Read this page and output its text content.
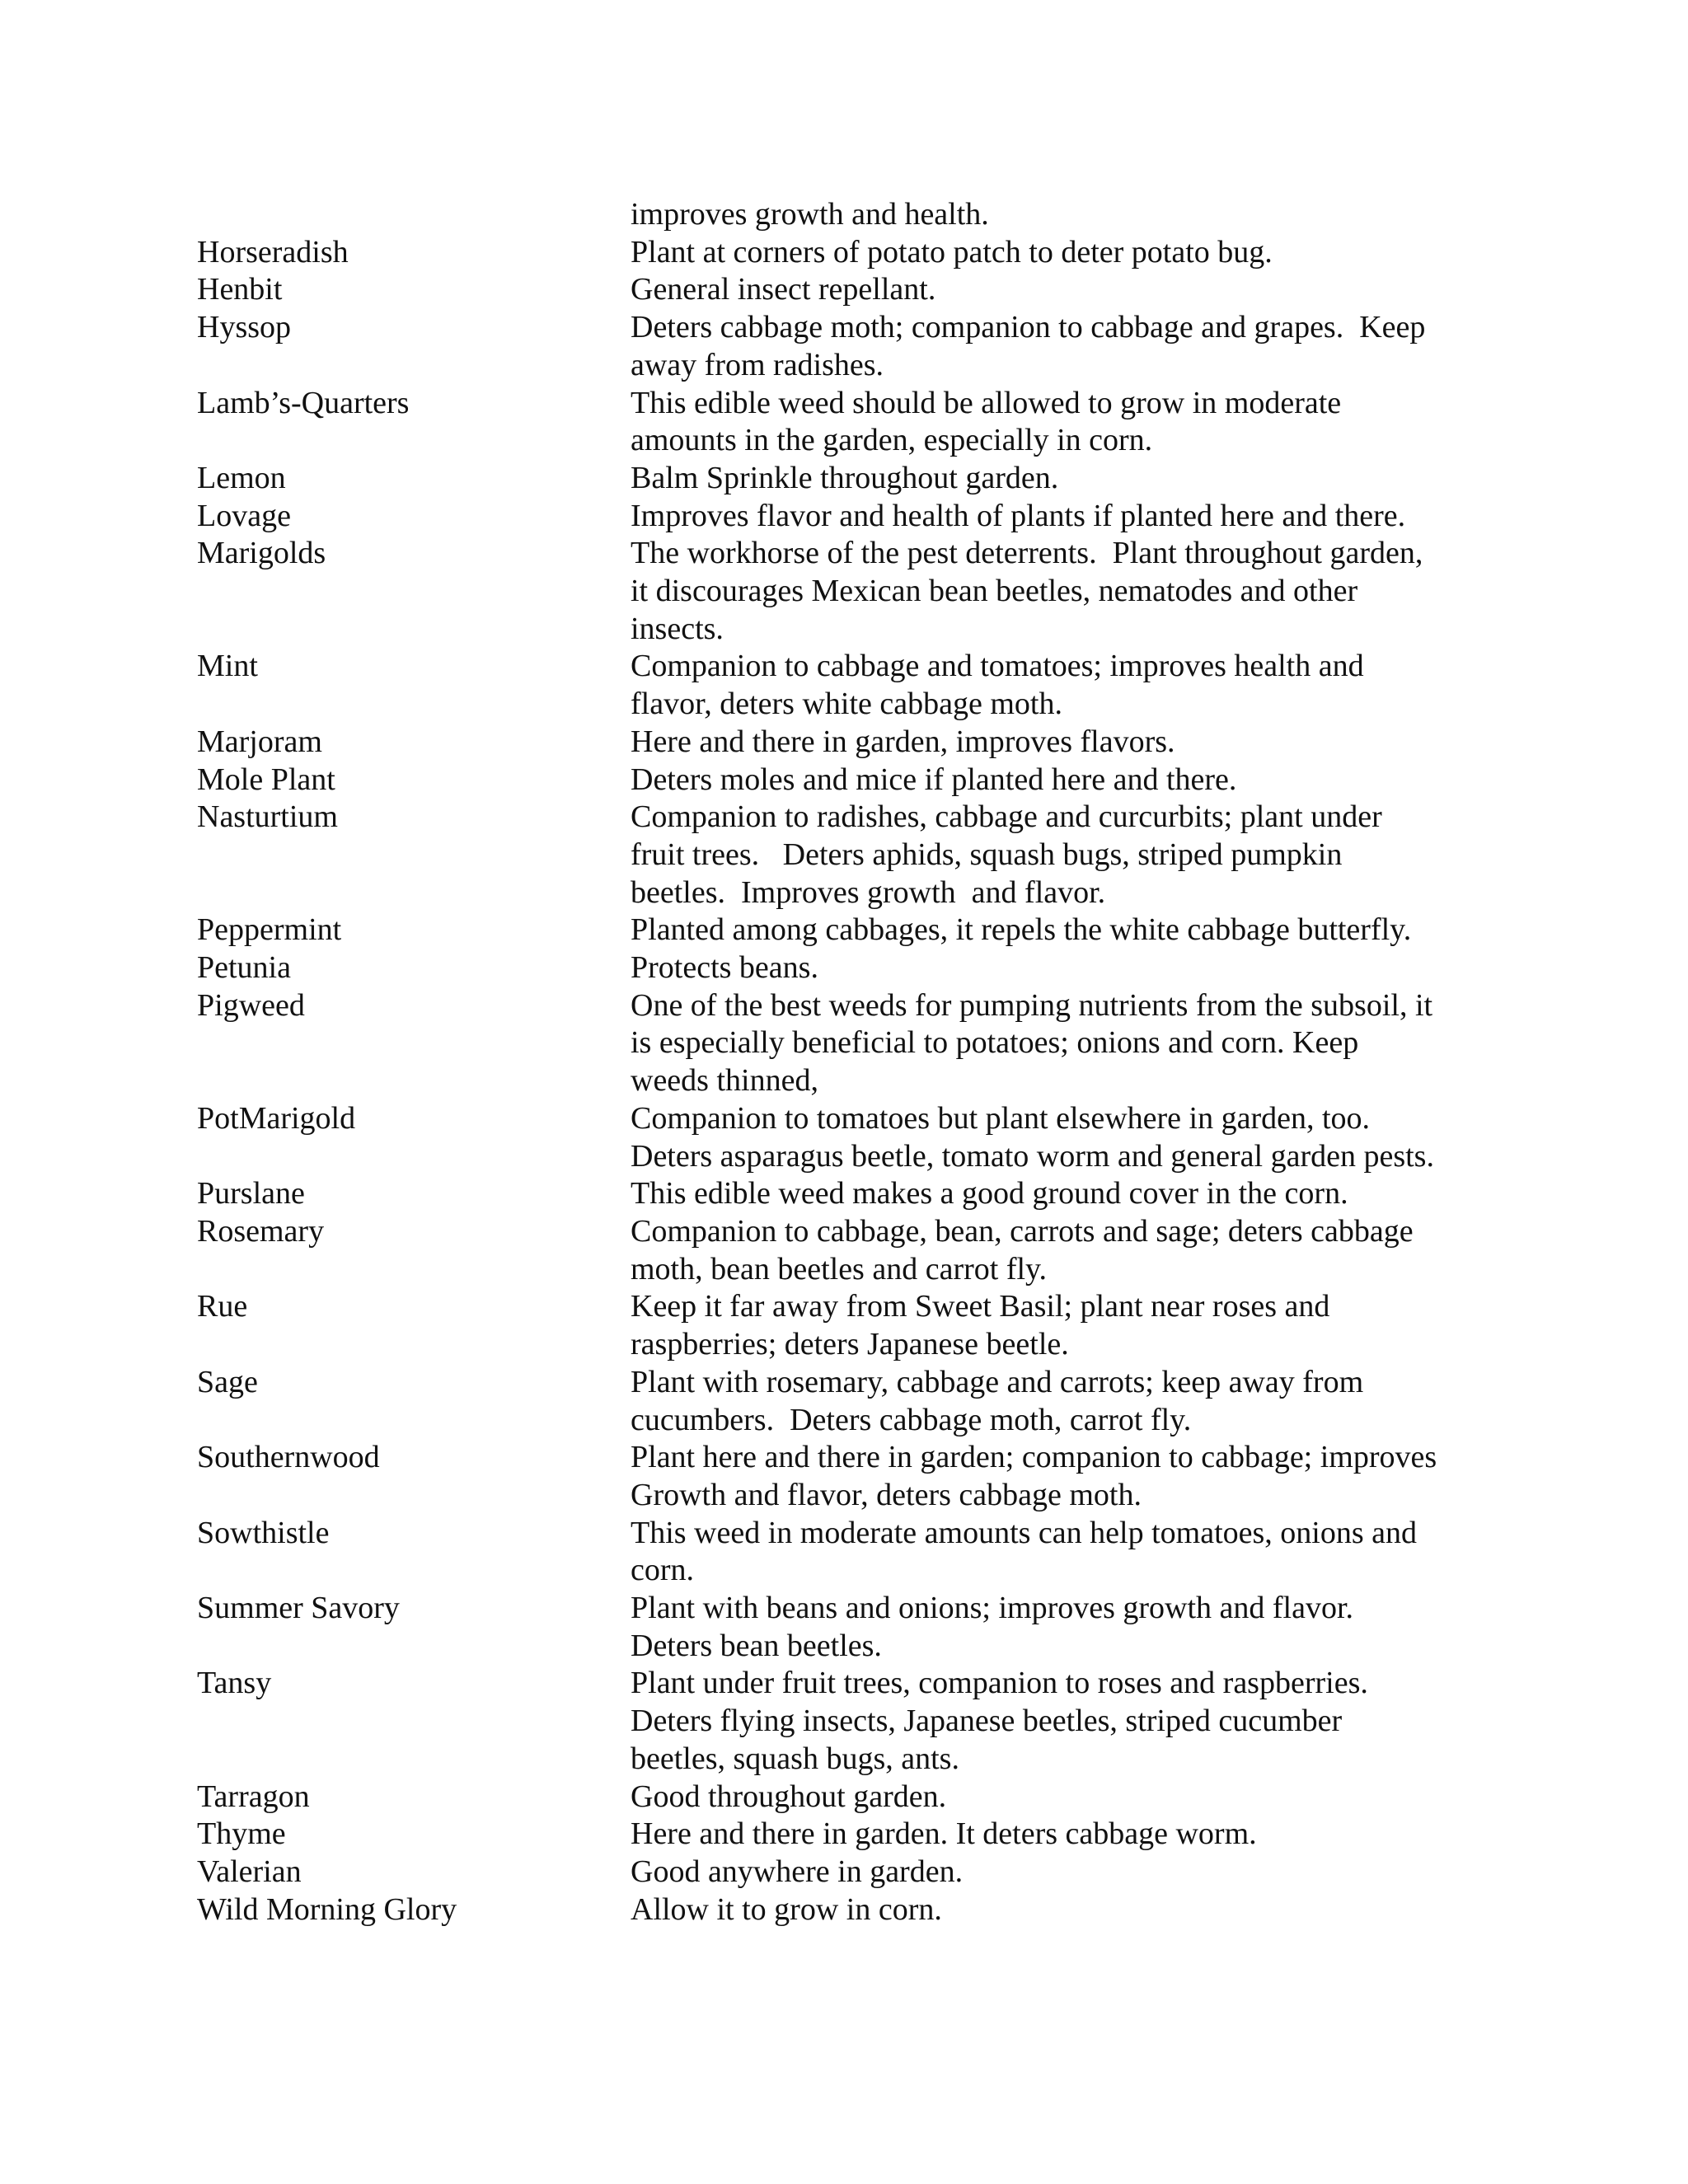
improves growth and health.
Horseradish	Plant at corners of potato patch to deter potato bug.
Henbit	General insect repellant.
Hyssop	Deters cabbage moth; companion to cabbage and grapes.  Keep
away from radishes.
Lamb’s-Quarters	This edible weed should be allowed to grow in moderate
amounts in the garden, especially in corn.
Lemon	Balm Sprinkle throughout garden.
Lovage	Improves flavor and health of plants if planted here and there.
Marigolds	The workhorse of the pest deterrents.  Plant throughout garden,
it discourages Mexican bean beetles, nematodes and other
insects.
Mint	Companion to cabbage and tomatoes; improves health and
flavor, deters white cabbage moth.
Marjoram	Here and there in garden, improves flavors.
Mole Plant	Deters moles and mice if planted here and there.
Nasturtium	Companion to radishes, cabbage and curcurbits; plant under
fruit trees.   Deters aphids, squash bugs, striped pumpkin
beetles.  Improves growth  and flavor.
Peppermint	Planted among cabbages, it repels the white cabbage butterfly.
Petunia	Protects beans.
Pigweed	One of the best weeds for pumping nutrients from the subsoil, it
is especially beneficial to potatoes; onions and corn. Keep
weeds thinned,
PotMarigold	Companion to tomatoes but plant elsewhere in garden, too.
Deters asparagus beetle, tomato worm and general garden pests.
Purslane	This edible weed makes a good ground cover in the corn.
Rosemary	Companion to cabbage, bean, carrots and sage; deters cabbage
moth, bean beetles and carrot fly.
Rue	Keep it far away from Sweet Basil; plant near roses and
raspberries; deters Japanese beetle.
Sage	Plant with rosemary, cabbage and carrots; keep away from
cucumbers.  Deters cabbage moth, carrot fly.
Southernwood	Plant here and there in garden; companion to cabbage; improves
Growth and flavor, deters cabbage moth.
Sowthistle	This weed in moderate amounts can help tomatoes, onions and
corn.
Summer Savory	Plant with beans and onions; improves growth and flavor.
Deters bean beetles.
Tansy	Plant under fruit trees, companion to roses and raspberries.
Deters flying insects, Japanese beetles, striped cucumber
beetles, squash bugs, ants.
Tarragon	Good throughout garden.
Thyme	Here and there in garden. It deters cabbage worm.
Valerian	Good anywhere in garden.
Wild Morning Glory	Allow it to grow in corn.
